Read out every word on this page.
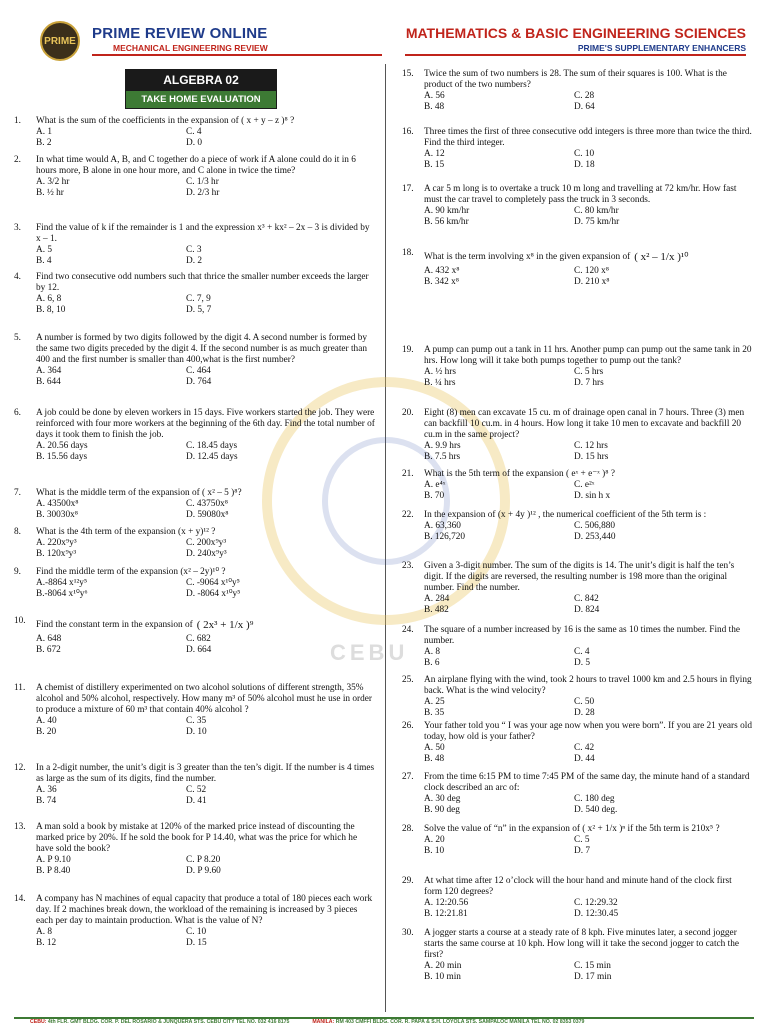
PRIME PRIME REVIEW ONLINE
MECHANICAL ENGINEERING REVIEW
MATHEMATICS & BASIC ENGINEERING SCIENCES
PRIME'S SUPPLEMENTARY ENHANCERS
ALGEBRA 02
TAKE HOME EVALUATION
CEBU
1.	What is the sum of the coefficients in the expansion of ( x + y – z )⁸ ?
A. 1	C. 4
B. 2	D. 0
2.	In what time would A, B, and C together do a piece of work if A alone could do it in 6 hours more, B alone in one hour more, and C alone in twice the time?
A. 3/2 hr	C. 1/3 hr
B. ½ hr	D. 2/3 hr
3.	Find the value of k if the remainder is 1 and the expression x³ + kx² – 2x – 3 is divided by x – 1.
A. 5	C. 3
B. 4	D. 2
4.	Find two consecutive odd numbers such that thrice the smaller number exceeds the larger by 12.
A. 6, 8	C. 7, 9
B. 8, 10	D. 5, 7
5.	A number is formed by two digits followed by the digit 4. A second number is formed by the same two digits preceded by the digit 4. If the second number is as much greater than 400 and the first number is smaller than 400,what is the first number?
A. 364	C. 464
B. 644	D. 764
6.	A job could be done by eleven workers in 15 days. Five workers started the job. They were reinforced with four more workers at the beginning of the 6th day. Find the total number of days it took them to finish the job.
A. 20.56 days	C. 18.45 days
B. 15.56 days	D. 12.45 days
7.	What is the middle term of the expansion of ( x² – 5 )⁸?
A. 43500x⁸	C. 43750x⁸
B. 30030x⁸	D. 59080x⁸
8.	What is the 4th term of the expansion (x + y)¹² ?
A. 220x⁹y³	C. 200x⁹y³
B. 120x⁹y³	D. 240x⁹y³
9.	Find the middle term of the expansion (x² – 2y)¹⁰ ?
A.-8864 x¹²y⁵	C. -9064 x¹⁰y⁵
B.-8064 x¹⁰y⁶	D. -8064 x¹⁰y⁵
10.	Find the constant term in the expansion of ( 2x³ + 1/x )⁹
A. 648	C. 682
B. 672	D. 664
11.	A chemist of distillery experimented on two alcohol solutions of different strength, 35% alcohol and 50% alcohol, respectively. How many m³ of 50% alcohol must he use in order to produce a mixture of 60 m³ that contain 40% alcohol ?
A. 40	C. 35
B. 20	D. 10
12.	In a 2-digit number, the unit’s digit is 3 greater than the ten’s digit. If the number is 4 times as large as the sum of its digits, find the number.
A. 36	C. 52
B. 74	D. 41
13.	A man sold a book by mistake at 120% of the marked price instead of discounting the marked price by 20%. If he sold the book for P 14.40, what was the price for which he have sold the book?
A. P 9.10	C. P 8.20
B. P 8.40	D. P 9.60
14.	A company has N machines of equal capacity that produce a total of 180 pieces each work day. If 2 machines break down, the workload of the remaining is increased by 3 pieces each per day to maintain production. What is the value of N?
A. 8	C. 10
B. 12	D. 15
15.	Twice the sum of two numbers is 28. The sum of their squares is 100. What is the product of the two numbers?
A. 56	C. 28
B. 48	D. 64
16.	Three times the first of three consecutive odd integers is three more than twice the third. Find the third integer.
A. 12	C. 10
B. 15	D. 18
17.	A car 5 m long is to overtake a truck 10 m long and travelling at 72 km/hr. How fast must the car travel to completely pass the truck in 3 seconds.
A. 90 km/hr	C. 80 km/hr
B. 56 km/hr	D. 75 km/hr
18.	What is the term involving x⁸ in the given expansion of ( x² – 1/x )¹⁰
A. 432 x⁸	C. 120 x⁸
B. 342 x⁸	D. 210 x⁸
19.	A pump can pump out a tank in 11 hrs. Another pump can pump out the same tank in 20 hrs. How long will it take both pumps together to pump out the tank?
A. ½ hrs	C. 5 hrs
B. ¼ hrs	D. 7 hrs
20.	Eight (8) men can excavate 15 cu. m of drainage open canal in 7 hours. Three (3) men can backfill 10 cu.m. in 4 hours. How long it take 10 men to excavate and backfill 20 cu.m in the same project?
A. 9.9 hrs	C. 12 hrs
B. 7.5 hrs	D. 15 hrs
21.	What is the 5th term of the expansion ( eˣ + e⁻ˣ )⁸ ?
A. e⁴ˣ	C. e²ˣ
B. 70	D. sin h x
22.	In the expansion of (x + 4y )¹² , the numerical coefficient of the 5th term is :
A. 63,360	C. 506,880
B. 126,720	D. 253,440
23.	Given a 3-digit number. The sum of the digits is 14. The unit’s digit is half the ten’s digit. If the digits are reversed, the resulting number is 198 more than the original number. Find the number.
A. 284	C. 842
B. 482	D. 824
24.	The square of a number increased by 16 is the same as 10 times the number. Find the number.
A. 8	C. 4
B. 6	D. 5
25.	An airplane flying with the wind, took 2 hours to travel 1000 km and 2.5 hours in flying back. What is the wind velocity?
A. 25	C. 50
B. 35	D. 28
26.	Your father told you “ I was your age now when you were born”. If you are 21 years old today, how old is your father?
A. 50	C. 42
B. 48	D. 44
27.	From the time 6:15 PM to time 7:45 PM of the same day, the minute hand of a standard clock described an arc of:
A. 30 deg	C. 180 deg
B. 90 deg	D. 540 deg.
28.	Solve the value of “n” in the expansion of ( x² + 1/x )ⁿ if the 5th term is 210x⁵ ?
A. 20	C. 5
B. 10	D. 7
29.	At what time after 12 o’clock will the hour hand and minute hand of the clock first form 120 degrees?
A. 12:20.56	C. 12:29.32
B. 12:21.81	D. 12:30.45
30.	A jogger starts a course at a steady rate of 8 kph. Five minutes later, a second jogger starts the same course at 10 kph. How long will it take the second jogger to catch the first?
A. 20 min	C. 15 min
B. 10 min	D. 17 min
CEBU: 4th FLR. GMT BLDG. COR. P. DEL ROSARIO & JUNQUERA STS. CEBU CITY TEL NO. 032 416 8175	MANILA: RM 403 CMFFI BLDG. COR. R. PAPA & S.H. LOYOLA STS. SAMPALOC MANILA TEL NO. 02 8353 0379
